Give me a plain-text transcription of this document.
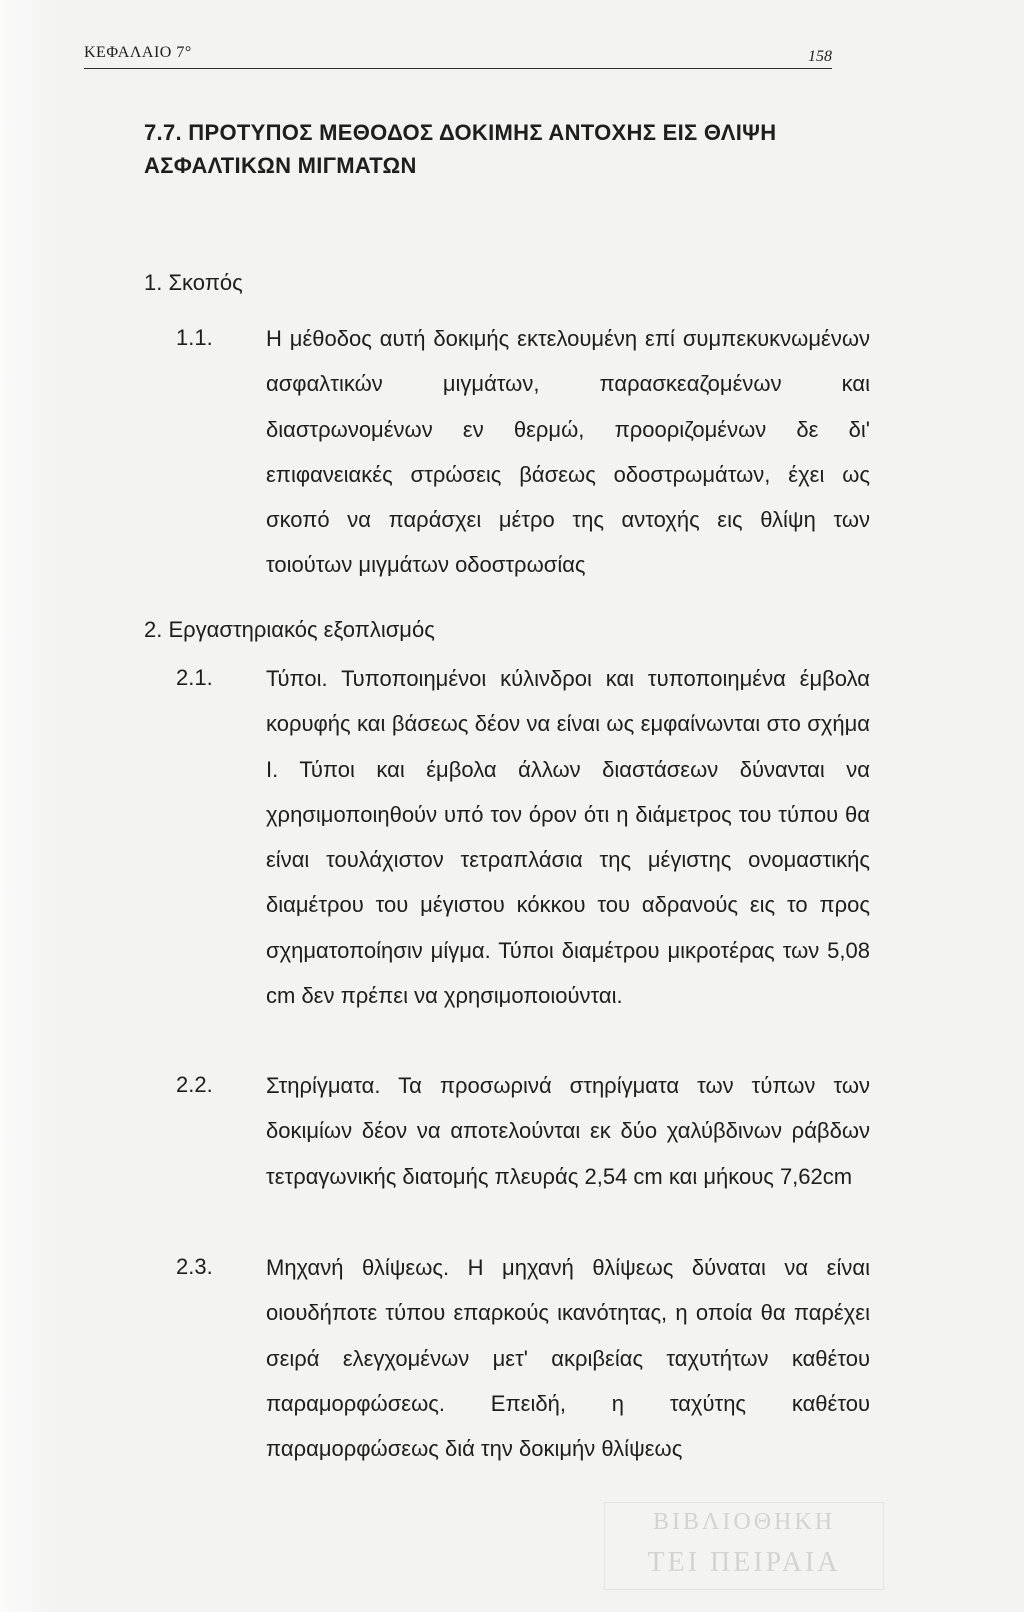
ΚΕΦΑΛΑΙΟ 7°	158
7.7. ΠΡΟΤΥΠΟΣ ΜΕΘΟΔΟΣ ΔΟΚΙΜΗΣ ΑΝΤΟΧΗΣ ΕΙΣ ΘΛΙΨΗ ΑΣΦΑΛΤΙΚΩΝ ΜΙΓΜΑΤΩΝ
1. Σκοπός
1.1. Η μέθοδος αυτή δοκιμής εκτελουμένη επί συμπεκυκνωμένων ασφαλτικών μιγμάτων, παρασκεαζομένων και διαστρωνομένων εν θερμώ, προοριζομένων δε δι' επιφανειακές στρώσεις βάσεως οδοστρωμάτων, έχει ως σκοπό να παράσχει μέτρο της αντοχής εις θλίψη των τοιούτων μιγμάτων οδοστρωσίας
2. Εργαστηριακός εξοπλισμός
2.1. Τύποι. Τυποποιημένοι κύλινδροι και τυποποιημένα έμβολα κορυφής και βάσεως δέον να είναι ως εμφαίνωνται στο σχήμα Ι. Τύποι και έμβολα άλλων διαστάσεων δύνανται να χρησιμοποιηθούν υπό τον όρον ότι η διάμετρος του τύπου θα είναι τουλάχιστον τετραπλάσια της μέγιστης ονομαστικής διαμέτρου του μέγιστου κόκκου του αδρανούς εις το προς σχηματοποίησιν μίγμα. Τύποι διαμέτρου μικροτέρας των 5,08 cm δεν πρέπει να χρησιμοποιούνται.
2.2. Στηρίγματα. Τα προσωρινά στηρίγματα των τύπων των δοκιμίων δέον να αποτελούνται εκ δύο χαλύβδινων ράβδων τετραγωνικής διατομής πλευράς 2,54 cm και μήκους 7,62cm
2.3. Μηχανή θλίψεως. Η μηχανή θλίψεως δύναται να είναι οιουδήποτε τύπου επαρκούς ικανότητας, η οποία θα παρέχει σειρά ελεγχομένων μετ' ακριβείας ταχυτήτων καθέτου παραμορφώσεως. Επειδή, η ταχύτης καθέτου παραμορφώσεως διά την δοκιμήν θλίψεως
ΒΙΒΛΙΟΘΗΚΗ
ΤΕΙ ΠΕΙΡΑΙΑ
